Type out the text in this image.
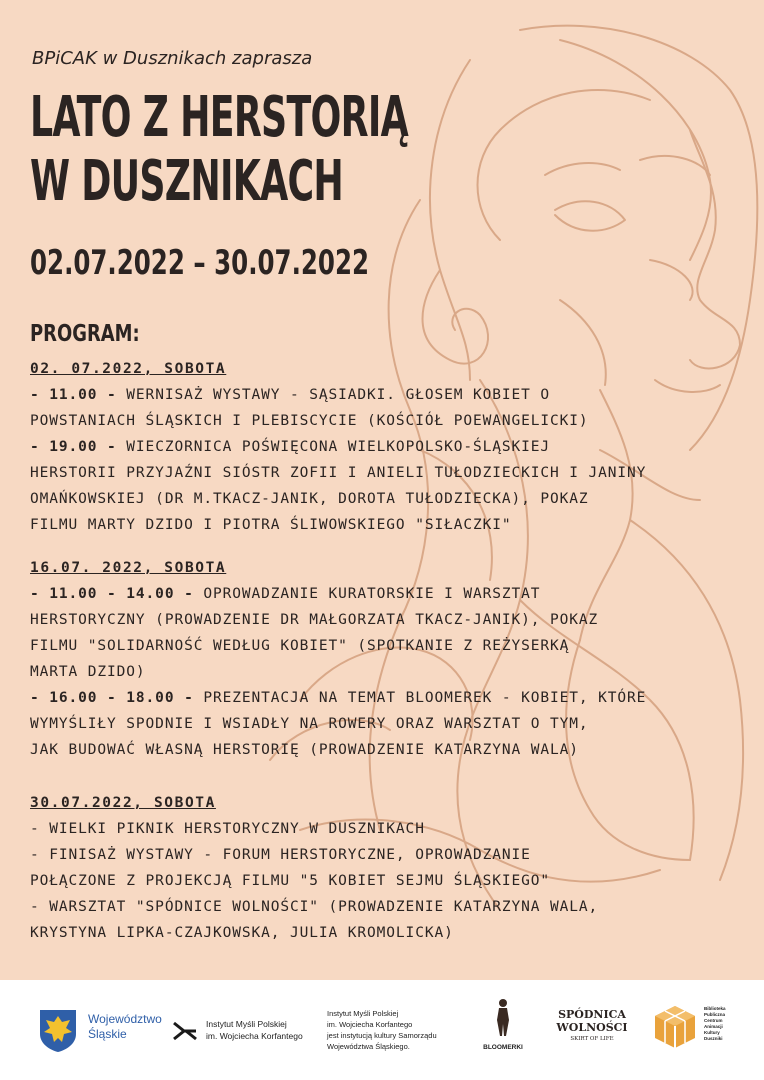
BPiCAK w Dusznikach zaprasza
LATO Z HERSTORIĄ
W DUSZNIKACH
02.07.2022 – 30.07.2022
PROGRAM:
02. 07.2022, SOBOTA
- 11.00 - WERNISAŻ WYSTAWY - SĄSIADKI. GŁOSEM KOBIET O
POWSTANIACH ŚLĄSKICH I PLEBISCYCIE (KOŚCIÓŁ POEWANGELICKI)
- 19.00 - WIECZORNICA POŚWIĘCONA WIELKOPOLSKO-ŚLĄSKIEJ
HERSTORII PRZYJAŹNI SIÓSTR ZOFII I ANIELI TUŁODZIECKICH I JANINY
OMAŃKOWSKIEJ (DR M.TKACZ-JANIK, DOROTA TUŁODZIECKA), POKAZ
FILMU MARTY DZIDO I PIOTRA ŚLIWOWSKIEGO "SIŁACZKI"
16.07. 2022, SOBOTA
- 11.00 - 14.00 - OPROWADZANIE KURATORSKIE I WARSZTAT
HERSTORYCZNY (PROWADZENIE DR MAŁGORZATA TKACZ-JANIK), POKAZ
FILMU "SOLIDARNOŚĆ WEDŁUG KOBIET" (SPOTKANIE Z REŻYSERKĄ
MARTA DZIDO)
- 16.00 - 18.00 - PREZENTACJA NA TEMAT BLOOMEREK - KOBIET, KTÓRE
WYMYŚLIŁY SPODNIE I WSIADŁY NA ROWERY ORAZ WARSZTAT O TYM,
JAK BUDOWAĆ WŁASNĄ HERSTORIĘ (PROWADZENIE KATARZYNA WALA)
30.07.2022, SOBOTA
- WIELKI PIKNIK HERSTORYCZNY W DUSZNIKACH
- FINISAŻ WYSTAWY - FORUM HERSTORYCZNE, OPROWADZANIE
POŁĄCZONE Z PROJEKCJĄ FILMU "5 KOBIET SEJMU ŚLĄSKIEGO"
- WARSZTAT "SPÓDNICE WOLNOŚCI" (PROWADZENIE KATARZYNA WALA,
KRYSTYNA LIPKA-CZAJKOWSKA, JULIA KROMOLICKA)
Województwo
Śląskie
Instytut Myśli Polskiej
im. Wojciecha Korfantego
Instytut Myśli Polskiej
im. Wojciecha Korfantego
jest instytucją kultury Samorządu
Województwa Śląskiego.	BLOOMERKI
SPÓDNICA
WOLNOŚCI
SKIRT OF LIFE
Biblioteka
Publiczna
Centrum
Animacji
Kultury
Duszniki
